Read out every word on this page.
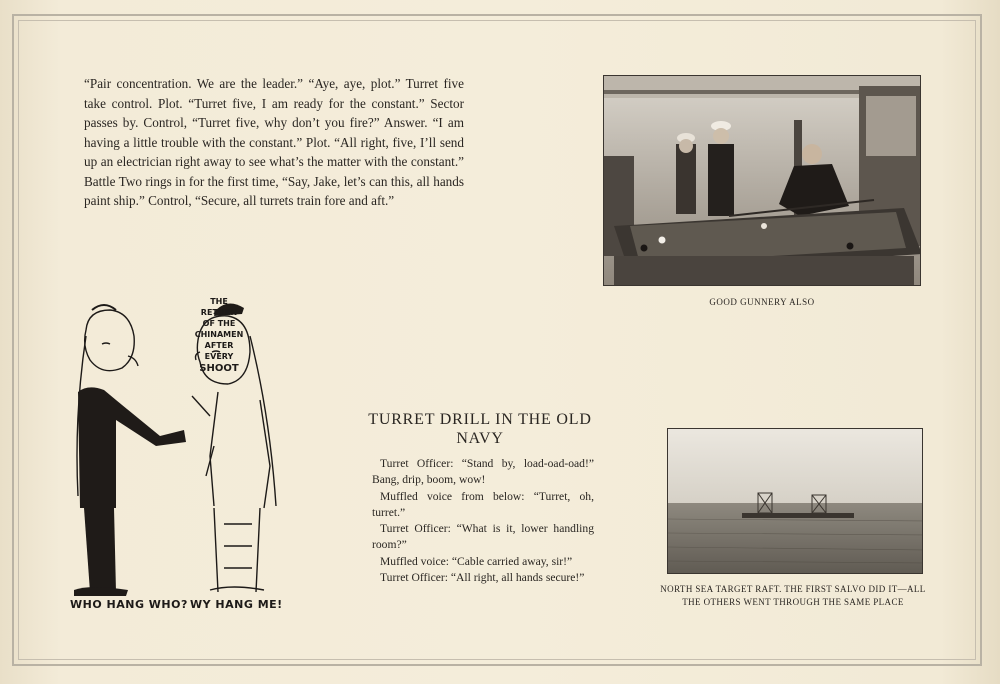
“Pair concentration. We are the leader.” “Aye, aye, plot.” Turret five take control. Plot. “Turret five, I am ready for the constant.” Sector passes by. Control, “Turret five, why don’t you fire?” Answer. “I am having a little trouble with the constant.” Plot. “All right, five, I’ll send up an electrician right away to see what’s the matter with the constant.” Battle Two rings in for the first time, “Say, Jake, let’s can this, all hands paint ship.” Control, “Secure, all turrets train fore and aft.”

GOOD GUNNERY ALSO
THE
RETURN
OF THE
CHINAMEN
AFTER
EVERY
SHOOT
WHO HANG WHO? WY HANG ME!
TURRET DRILL IN THE OLD NAVY

Turret Officer: “Stand by, load-oad-oad!” Bang, drip, boom, wow!

Muffled voice from below: “Turret, oh, turret.”

Turret Officer: “What is it, lower handling room?”

Muffled voice: “Cable carried away, sir!”

Turret Officer: “All right, all hands secure!”

NORTH SEA TARGET RAFT. THE FIRST SALVO DID IT—ALL THE OTHERS WENT THROUGH THE SAME PLACE
